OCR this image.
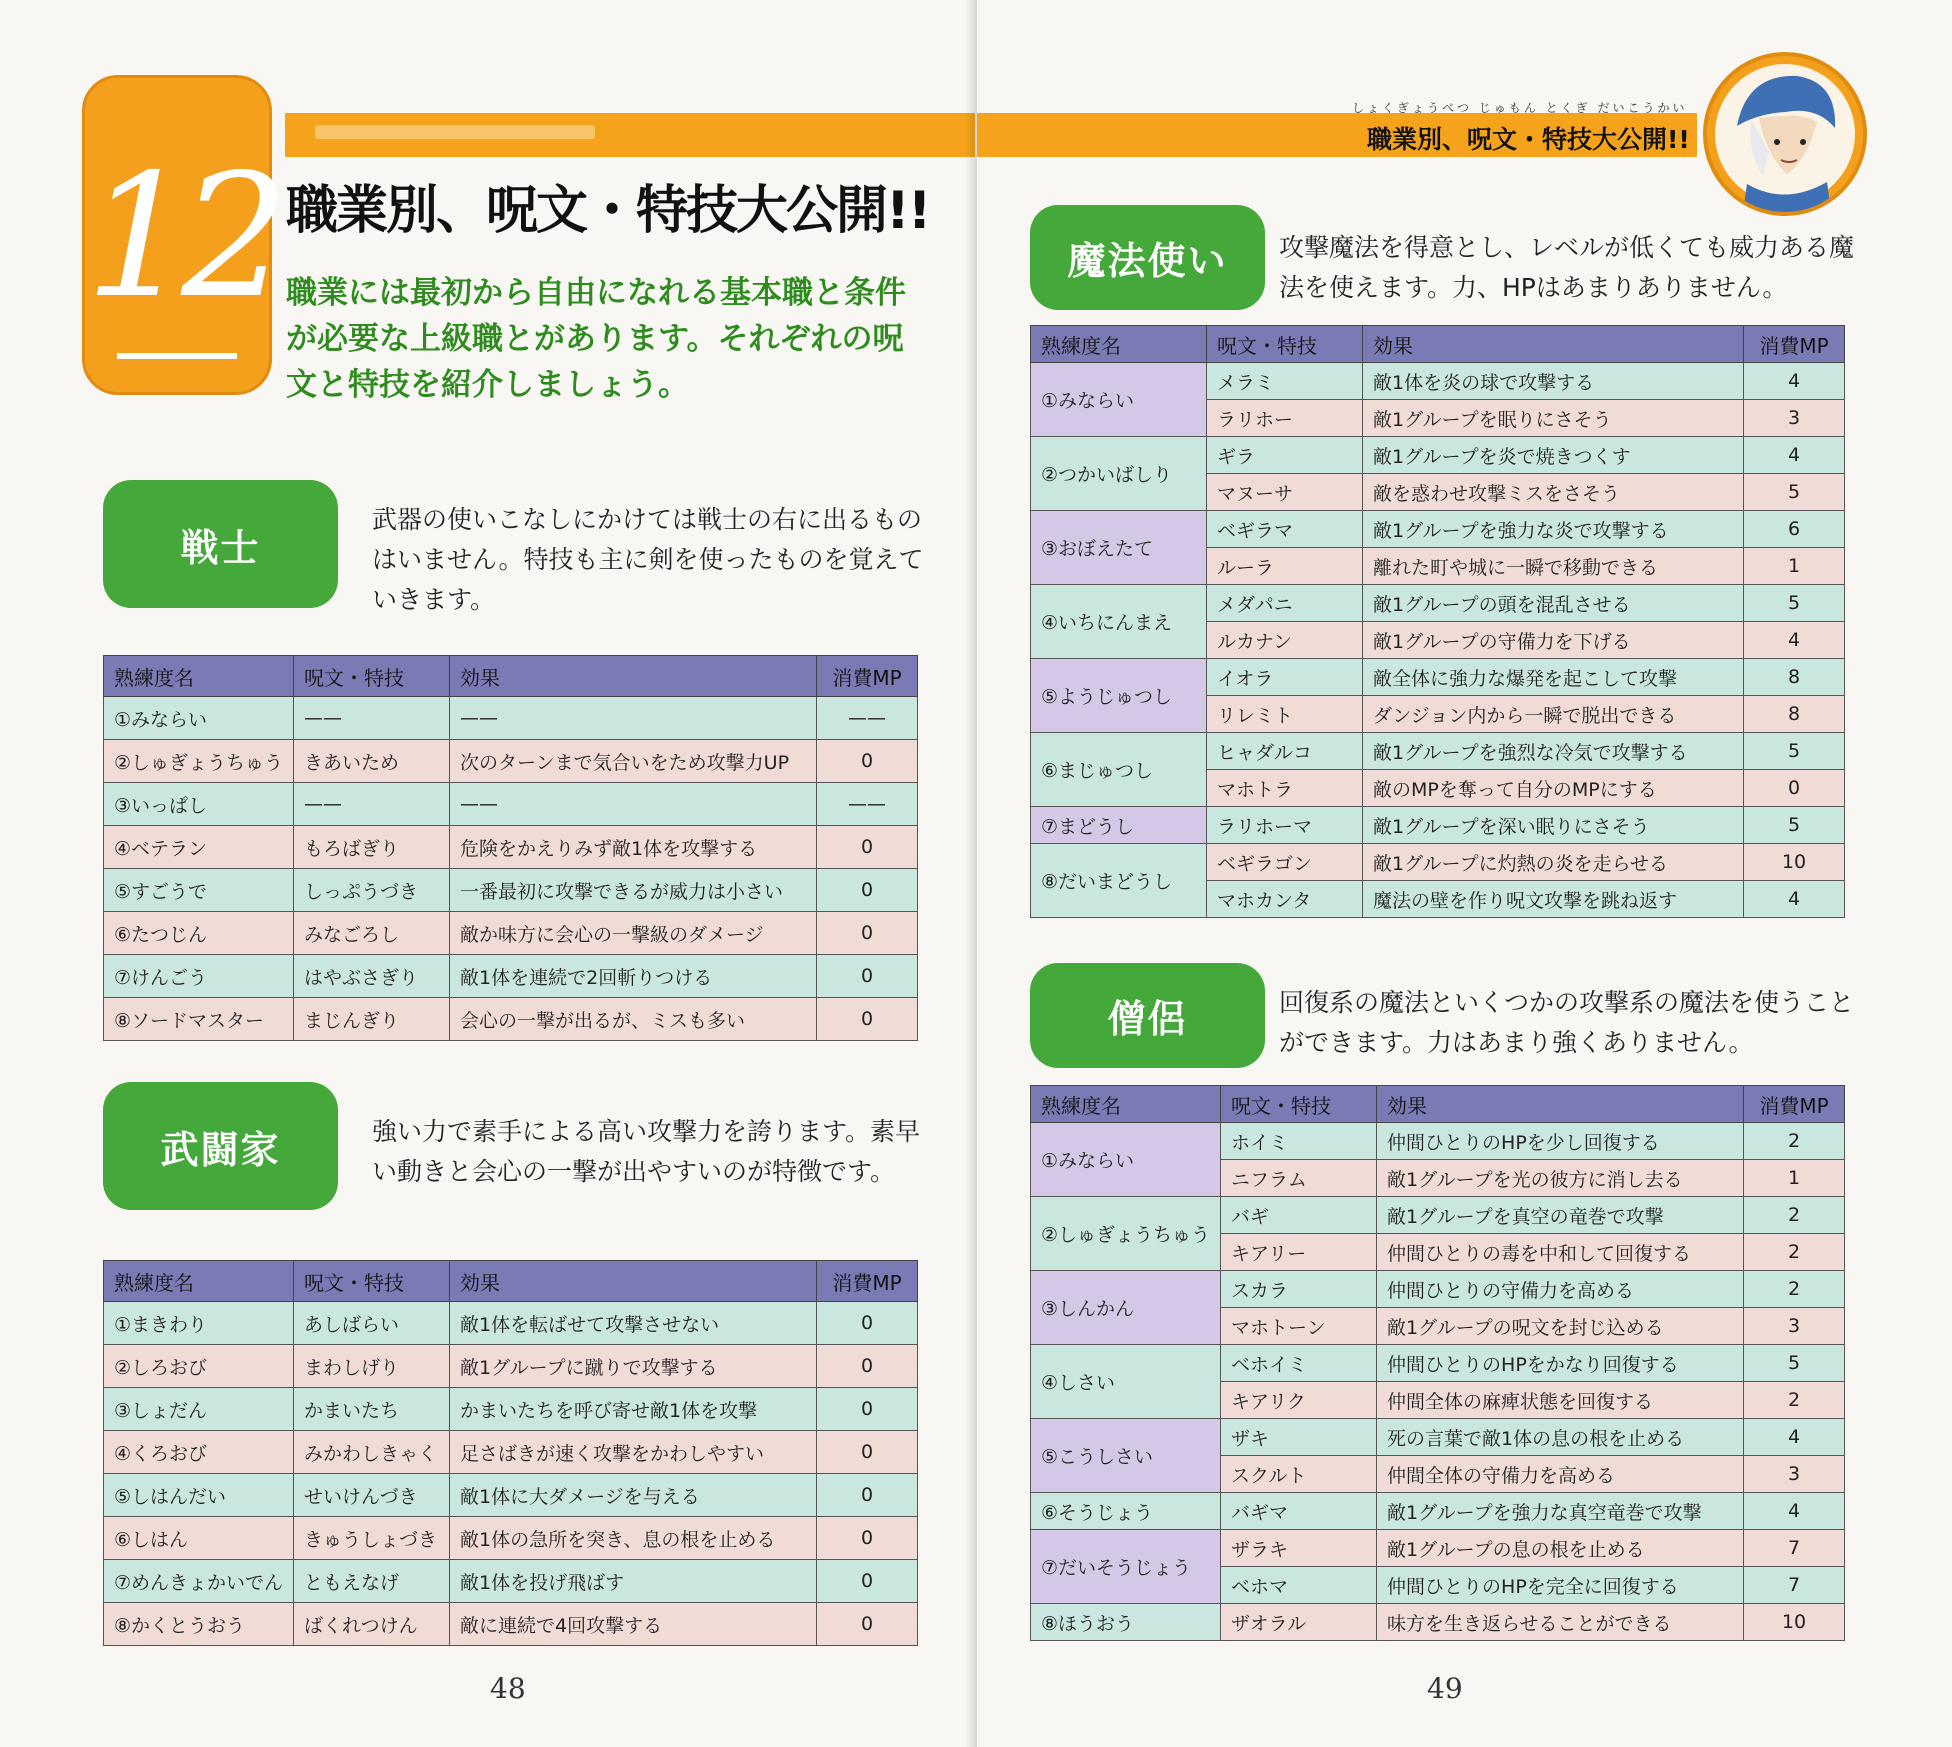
12 職業別、呪文・特技大公開!!
職業には最初から自由になれる基本職と条件が必要な上級職とがあります。それぞれの呪文と特技を紹介しましょう。
戦士
武器の使いこなしにかけては戦士の右に出るものはいません。特技も主に剣を使ったものを覚えていきます。
熟練度名	呪文・特技	効果	消費MP
①みならい	——	——	——
②しゅぎょうちゅう	きあいため	次のターンまで気合いをため攻撃力UP	0
③いっぱし	——	——	——
④ベテラン	もろばぎり	危険をかえりみず敵1体を攻撃する	0
⑤すごうで	しっぷうづき	一番最初に攻撃できるが威力は小さい	0
⑥たつじん	みなごろし	敵か味方に会心の一撃級のダメージ	0
⑦けんごう	はやぶさぎり	敵1体を連続で2回斬りつける	0
⑧ソードマスター	まじんぎり	会心の一撃が出るが、ミスも多い	0
武闘家	強い力で素手による高い攻撃力を誇ります。素早い動きと会心の一撃が出やすいのが特徴です。
熟練度名	呪文・特技	効果	消費MP
①まきわり	あしばらい	敵1体を転ばせて攻撃させない	0
②しろおび	まわしげり	敵1グループに蹴りで攻撃する	0
③しょだん	かまいたち	かまいたちを呼び寄せ敵1体を攻撃	0
④くろおび	みかわしきゃく	足さばきが速く攻撃をかわしやすい	0
⑤しはんだい	せいけんづき	敵1体に大ダメージを与える	0
⑥しはん	きゅうしょづき	敵1体の急所を突き、息の根を止める	0
⑦めんきょかいでん	ともえなげ	敵1体を投げ飛ばす	0
⑧かくとうおう	ばくれつけん	敵に連続で4回攻撃する	0
48
しょくぎょうべつ じゅもん とくぎ だいこうかい
職業別、呪文・特技大公開!!
魔法使い	攻撃魔法を得意とし、レベルが低くても威力ある魔法を使えます。力、HPはあまりありません。
熟練度名	呪文・特技	効果	消費MP
①みならい	メラミ	敵1体を炎の球で攻撃する	4
	ラリホー	敵1グループを眠りにさそう	3
②つかいばしり	ギラ	敵1グループを炎で焼きつくす	4
	マヌーサ	敵を惑わせ攻撃ミスをさそう	5
③おぼえたて	ベギラマ	敵1グループを強力な炎で攻撃する	6
	ルーラ	離れた町や城に一瞬で移動できる	1
④いちにんまえ	メダパニ	敵1グループの頭を混乱させる	5
	ルカナン	敵1グループの守備力を下げる	4
⑤ようじゅつし	イオラ	敵全体に強力な爆発を起こして攻撃	8
	リレミト	ダンジョン内から一瞬で脱出できる	8
⑥まじゅつし	ヒャダルコ	敵1グループを強烈な冷気で攻撃する	5
	マホトラ	敵のMPを奪って自分のMPにする	0
⑦まどうし	ラリホーマ	敵1グループを深い眠りにさそう	5
⑧だいまどうし	ベギラゴン	敵1グループに灼熱の炎を走らせる	10
	マホカンタ	魔法の壁を作り呪文攻撃を跳ね返す	4
僧侶	回復系の魔法といくつかの攻撃系の魔法を使うことができます。力はあまり強くありません。
熟練度名	呪文・特技	効果	消費MP
①みならい	ホイミ	仲間ひとりのHPを少し回復する	2
	ニフラム	敵1グループを光の彼方に消し去る	1
②しゅぎょうちゅう	バギ	敵1グループを真空の竜巻で攻撃	2
	キアリー	仲間ひとりの毒を中和して回復する	2
③しんかん	スカラ	仲間ひとりの守備力を高める	2
	マホトーン	敵1グループの呪文を封じ込める	3
④しさい	ベホイミ	仲間ひとりのHPをかなり回復する	5
	キアリク	仲間全体の麻痺状態を回復する	2
⑤こうしさい	ザキ	死の言葉で敵1体の息の根を止める	4
	スクルト	仲間全体の守備力を高める	3
⑥そうじょう	バギマ	敵1グループを強力な真空竜巻で攻撃	4
⑦だいそうじょう	ザラキ	敵1グループの息の根を止める	7
	ベホマ	仲間ひとりのHPを完全に回復する	7
⑧ほうおう	ザオラル	味方を生き返らせることができる	10
49
